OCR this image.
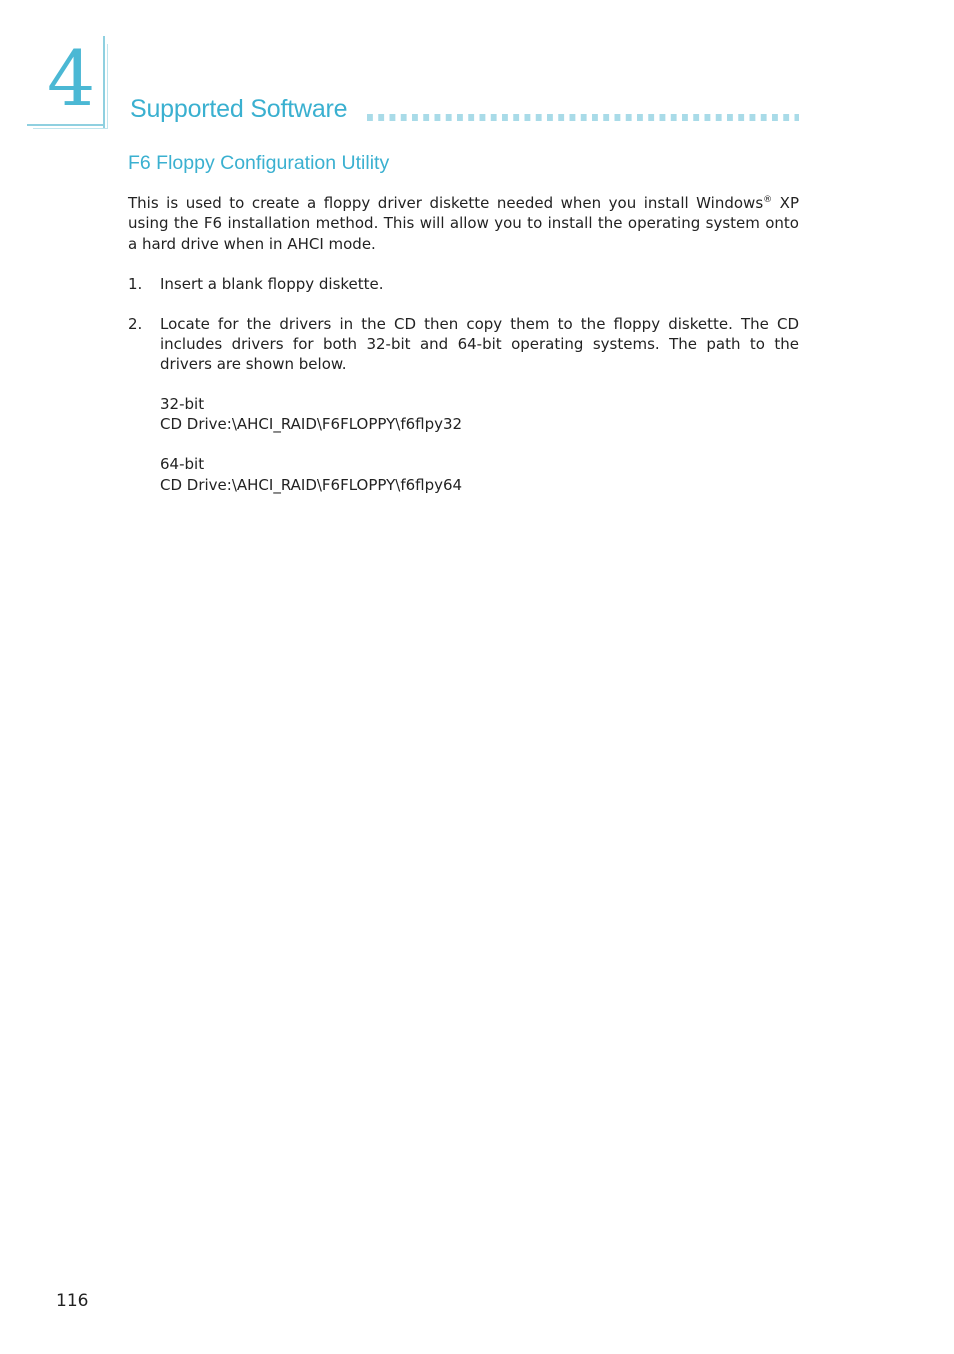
4 Supported Software
F6 Floppy Configuration Utility

This is used to create a floppy driver diskette needed when you install Windows® XP using the F6 installation method. This will allow you to install the operating system onto a hard drive when in AHCI mode.

1.	Insert a blank floppy diskette.
2.	Locate for the drivers in the CD then copy them to the floppy diskette. The CD includes drivers for both 32-bit and 64-bit operating systems. The path to the drivers are shown below.
32-bit
CD Drive:\AHCI_RAID\F6FLOPPY\f6flpy32
64-bit
CD Drive:\AHCI_RAID\F6FLOPPY\f6flpy64
116
